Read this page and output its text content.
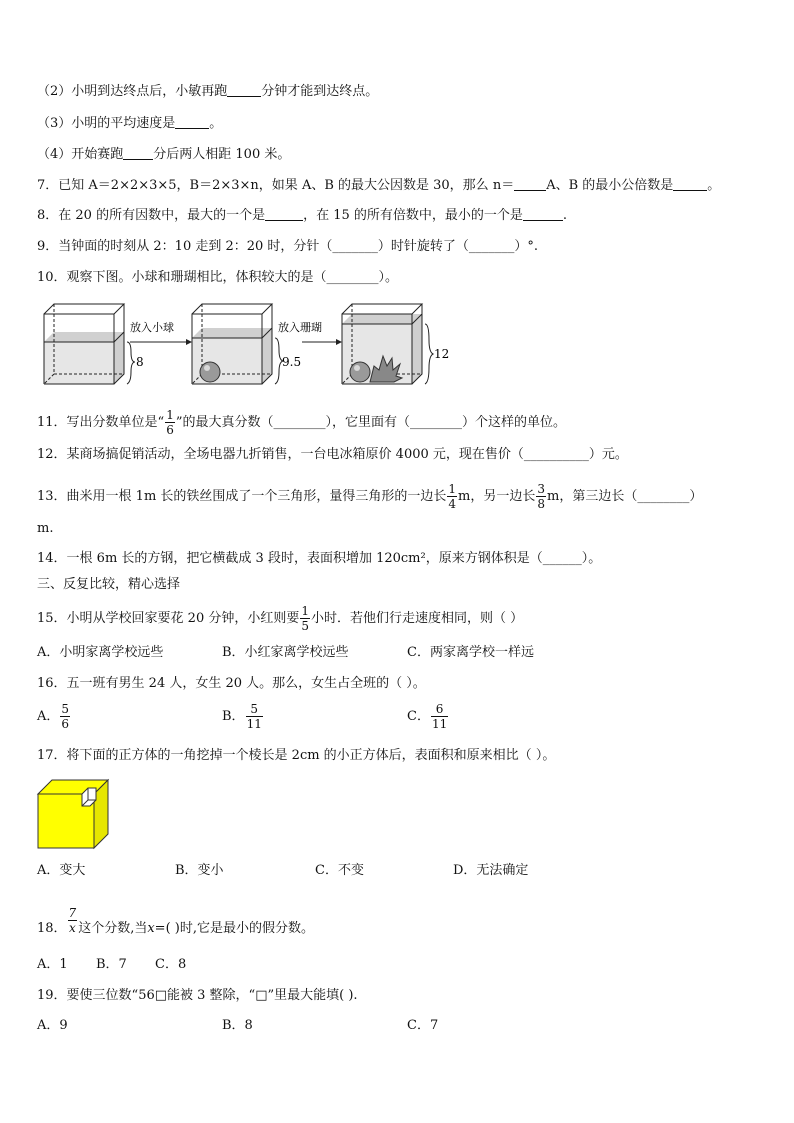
（2）小明到达终点后，小敏再跑	分钟才能到达终点。
（3）小明的平均速度是	。
（4）开始赛跑 分后两人相距 100 米。
7．已知 A＝2×2×3×5，B＝2×3×n，如果 A、B 的最大公因数是 30，那么 n＝ A、B 的最小公倍数是	。
8．在 20 的所有因数中，最大的一个是	，在 15 的所有倍数中，最小的一个是	.
9．当钟面的时刻从 2：10 走到 2：20 时，分针（_______）时针旋转了（_______）°.
10．观察下图。小球和珊瑚相比，体积较大的是（________）。
8
放入小球
9.5
放入珊瑚
12
11．写出分数单位是“ $\frac{1}{6}$ ”的最大真分数（________），它里面有（________）个这样的单位。
12．某商场搞促销活动，全场电器九折销售，一台电冰箱原价 4000 元，现在售价（__________）元。
13．曲米用一根 1m 长的铁丝围成了一个三角形，量得三角形的一边长 $\frac{1}{4}$ m，另一边长 $\frac{3}{8}$ m，第三边长（________）
m.
14．一根 6m 长的方钢，把它横截成 3 段时，表面积增加 120cm²，原来方钢体积是（______）。
三、反复比较，精心选择
15．小明从学校回家要花 20 分钟，小红则要 $\frac{1}{5}$ 小时．若他们行走速度相同，则（ ）
A．小明家离学校远些	B．小红家离学校远些	C．两家离学校一样远
16．五一班有男生 24 人，女生 20 人。那么，女生占全班的（ ）。
A． $\frac{5}{6}$	B． $\frac{5}{11}$	C． $\frac{6}{11}$
17．将下面的正方体的一角挖掉一个棱长是 2cm 的小正方体后，表面积和原来相比（ ）。
A．变大	B．变小	C．不变	D．无法确定
18． $\frac{7}{x}$ 这个分数,当x=( )时,它是最小的假分数。
A．1 B．7 C．8
19．要使三位数“56□能被 3 整除，“□”里最大能填( ).
A．9	B．8	C．7
